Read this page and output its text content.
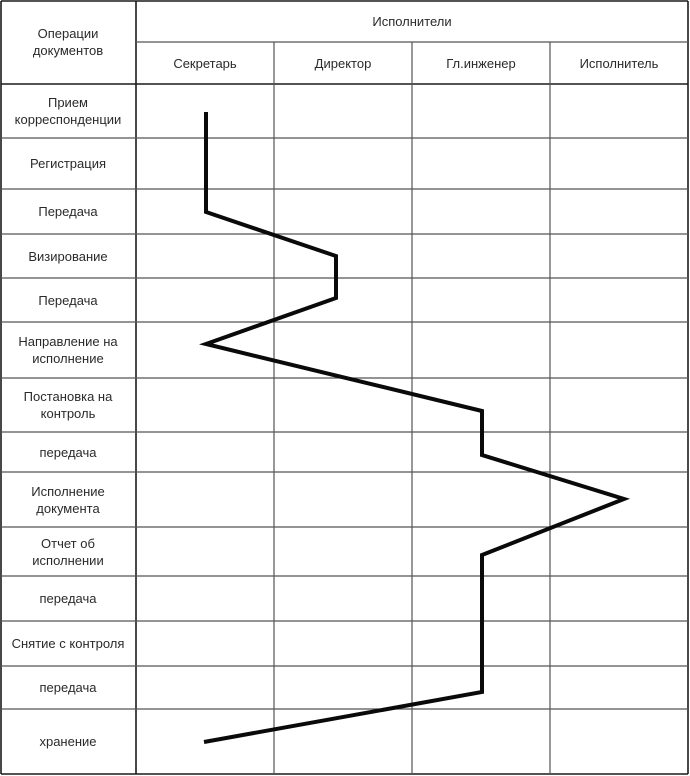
Операции документов
Исполнители
Секретарь	Директор	Гл.инженер	Исполнитель
Прием корреспонденции
Регистрация
Передача
Визирование
Передача
Направление на исполнение
Постановка на контроль
передача
Исполнение документа
Отчет об исполнении
передача
Снятие с контроля
передача
хранение
